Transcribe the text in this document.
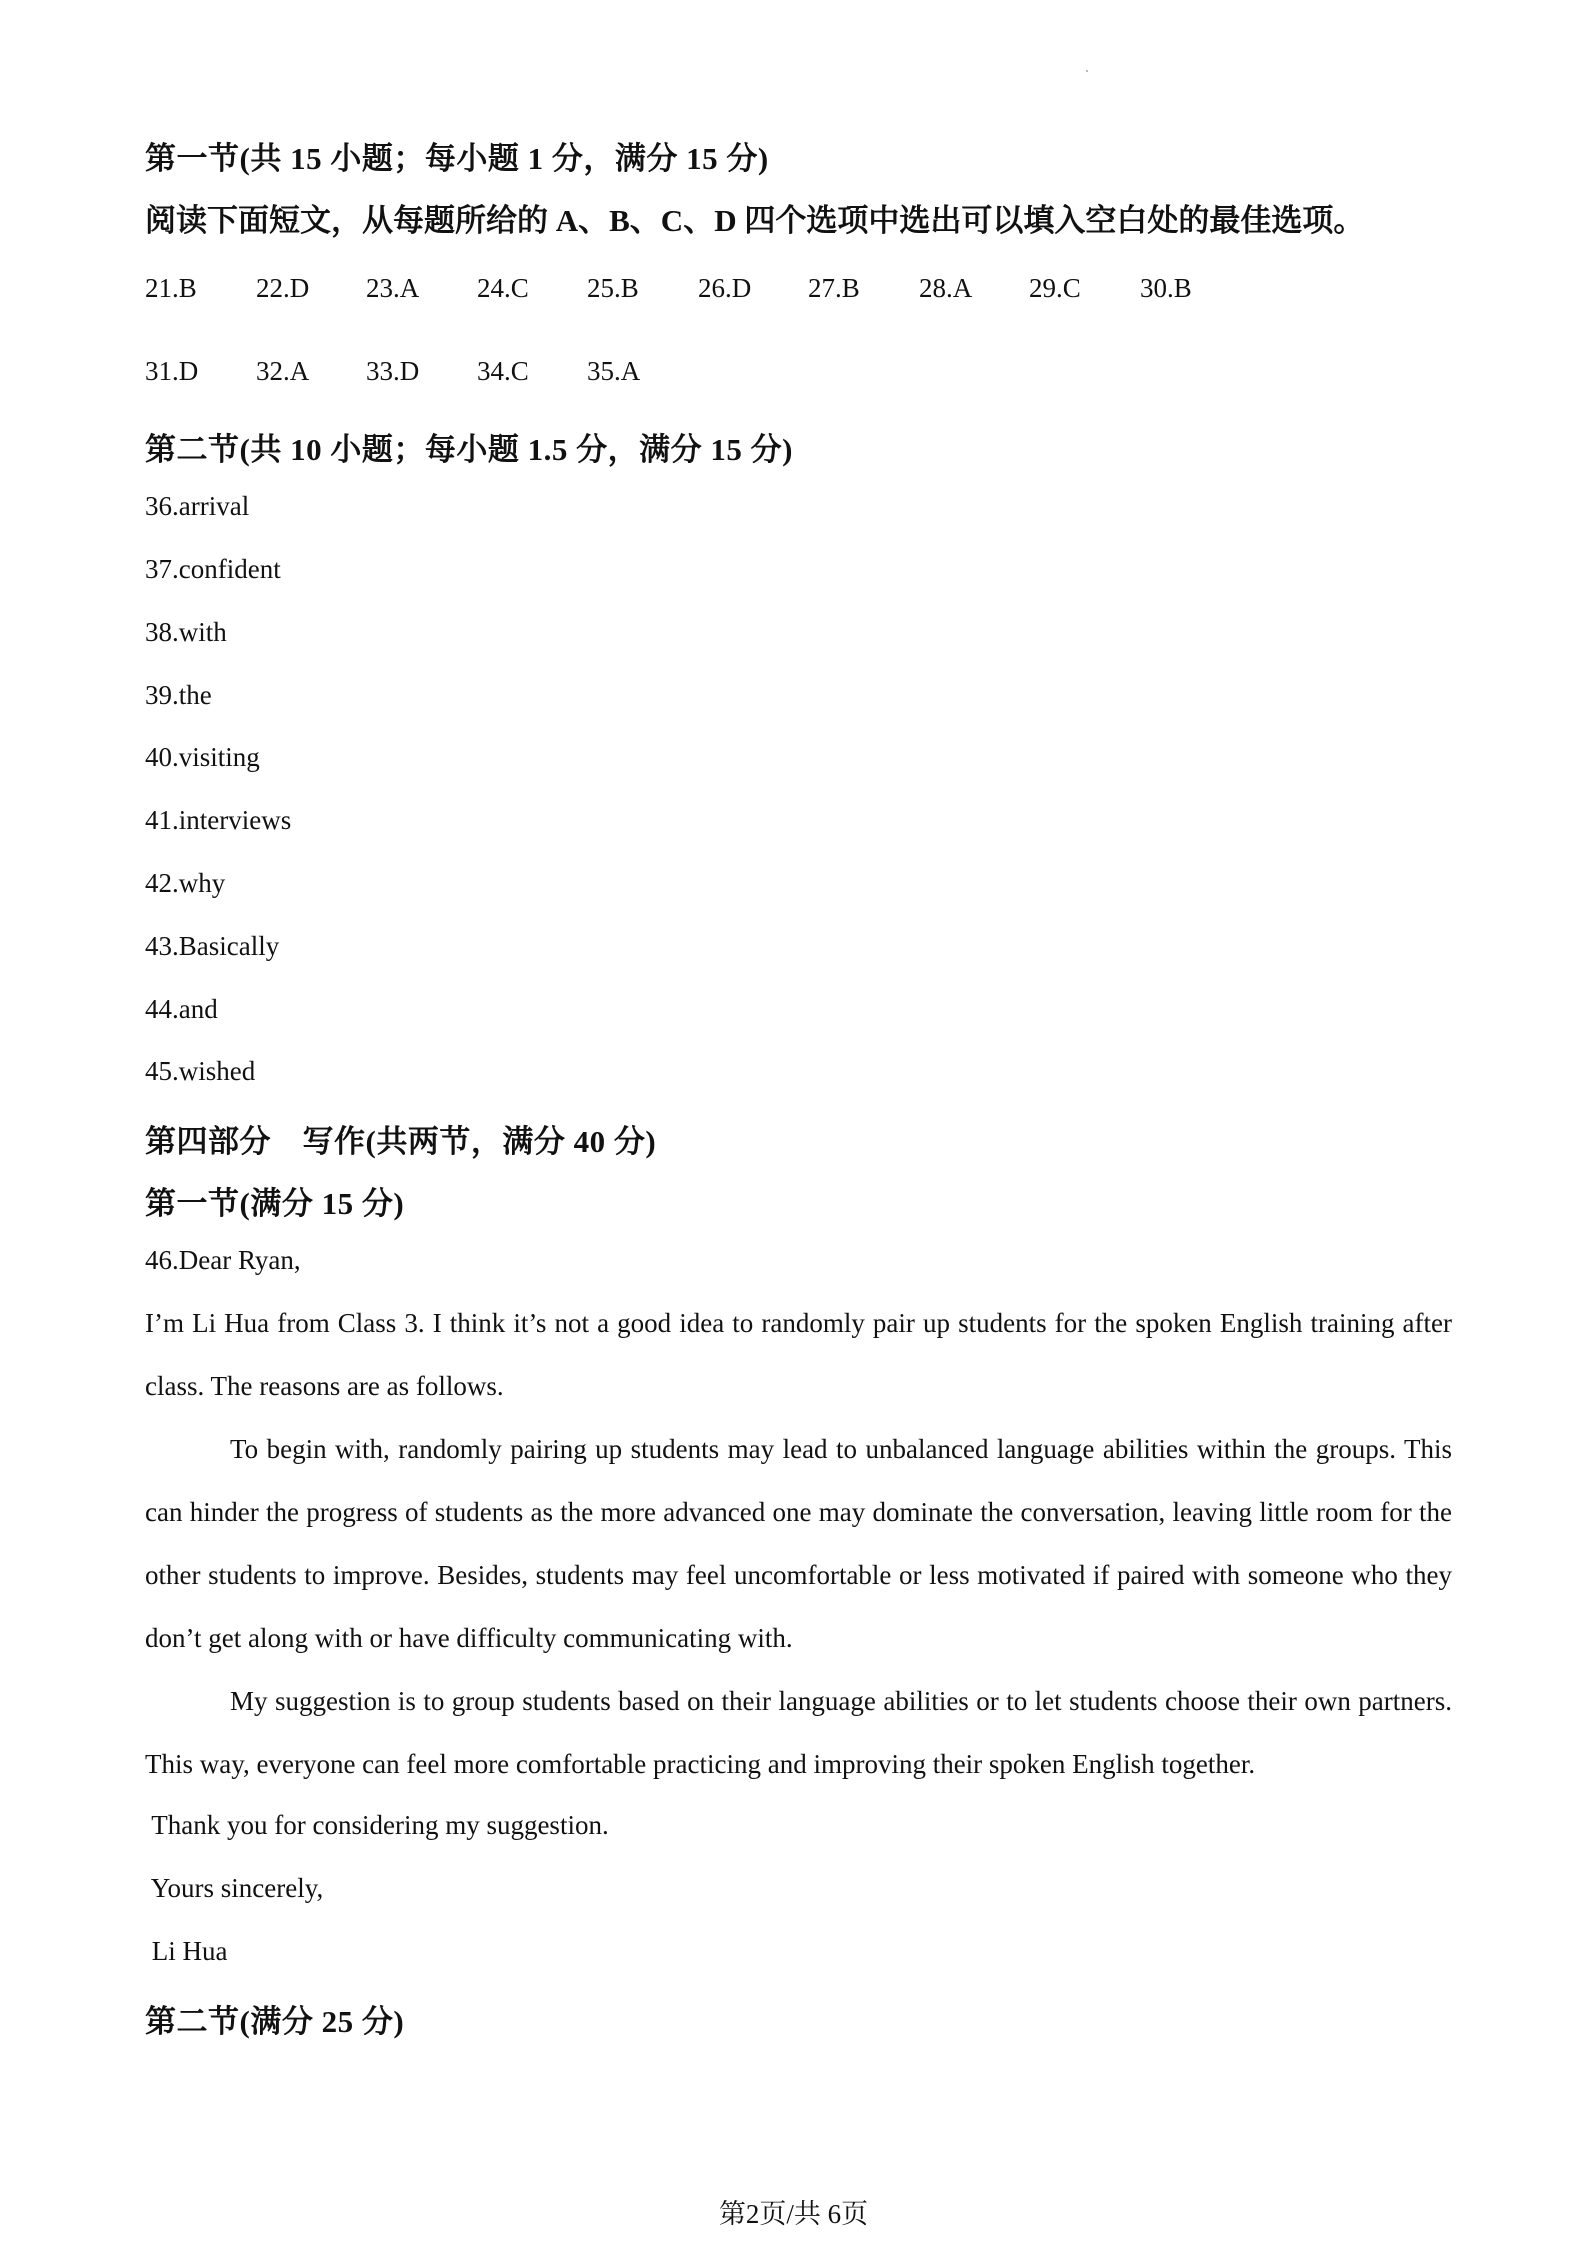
第一节(共 15 小题；每小题 1 分，满分 15 分)
阅读下面短文，从每题所给的 A、B、C、D 四个选项中选出可以填入空白处的最佳选项。
21.B 22.D 23.A 24.C 25.B 26.D 27.B 28.A 29.C 30.B
31.D 32.A 33.D 34.C 35.A
第二节(共 10 小题；每小题 1.5 分，满分 15 分)
36.arrival
37.confident
38.with
39.the
40.visiting
41.interviews
42.why
43.Basically
44.and
45.wished
第四部分　写作(共两节，满分 40 分)
第一节(满分 15 分)
46.Dear Ryan,
I’m Li Hua from Class 3. I think it’s not a good idea to randomly pair up students for the spoken English training after class. The reasons are as follows.
To begin with, randomly pairing up students may lead to unbalanced language abilities within the groups. This can hinder the progress of students as the more advanced one may dominate the conversation, leaving little room for the other students to improve. Besides, students may feel uncomfortable or less motivated if paired with someone who they don’t get along with or have difficulty communicating with.
My suggestion is to group students based on their language abilities or to let students choose their own partners. This way, everyone can feel more comfortable practicing and improving their spoken English together.
Thank you for considering my suggestion.
Yours sincerely,
Li Hua
第二节(满分 25 分)
第2页/共 6页
